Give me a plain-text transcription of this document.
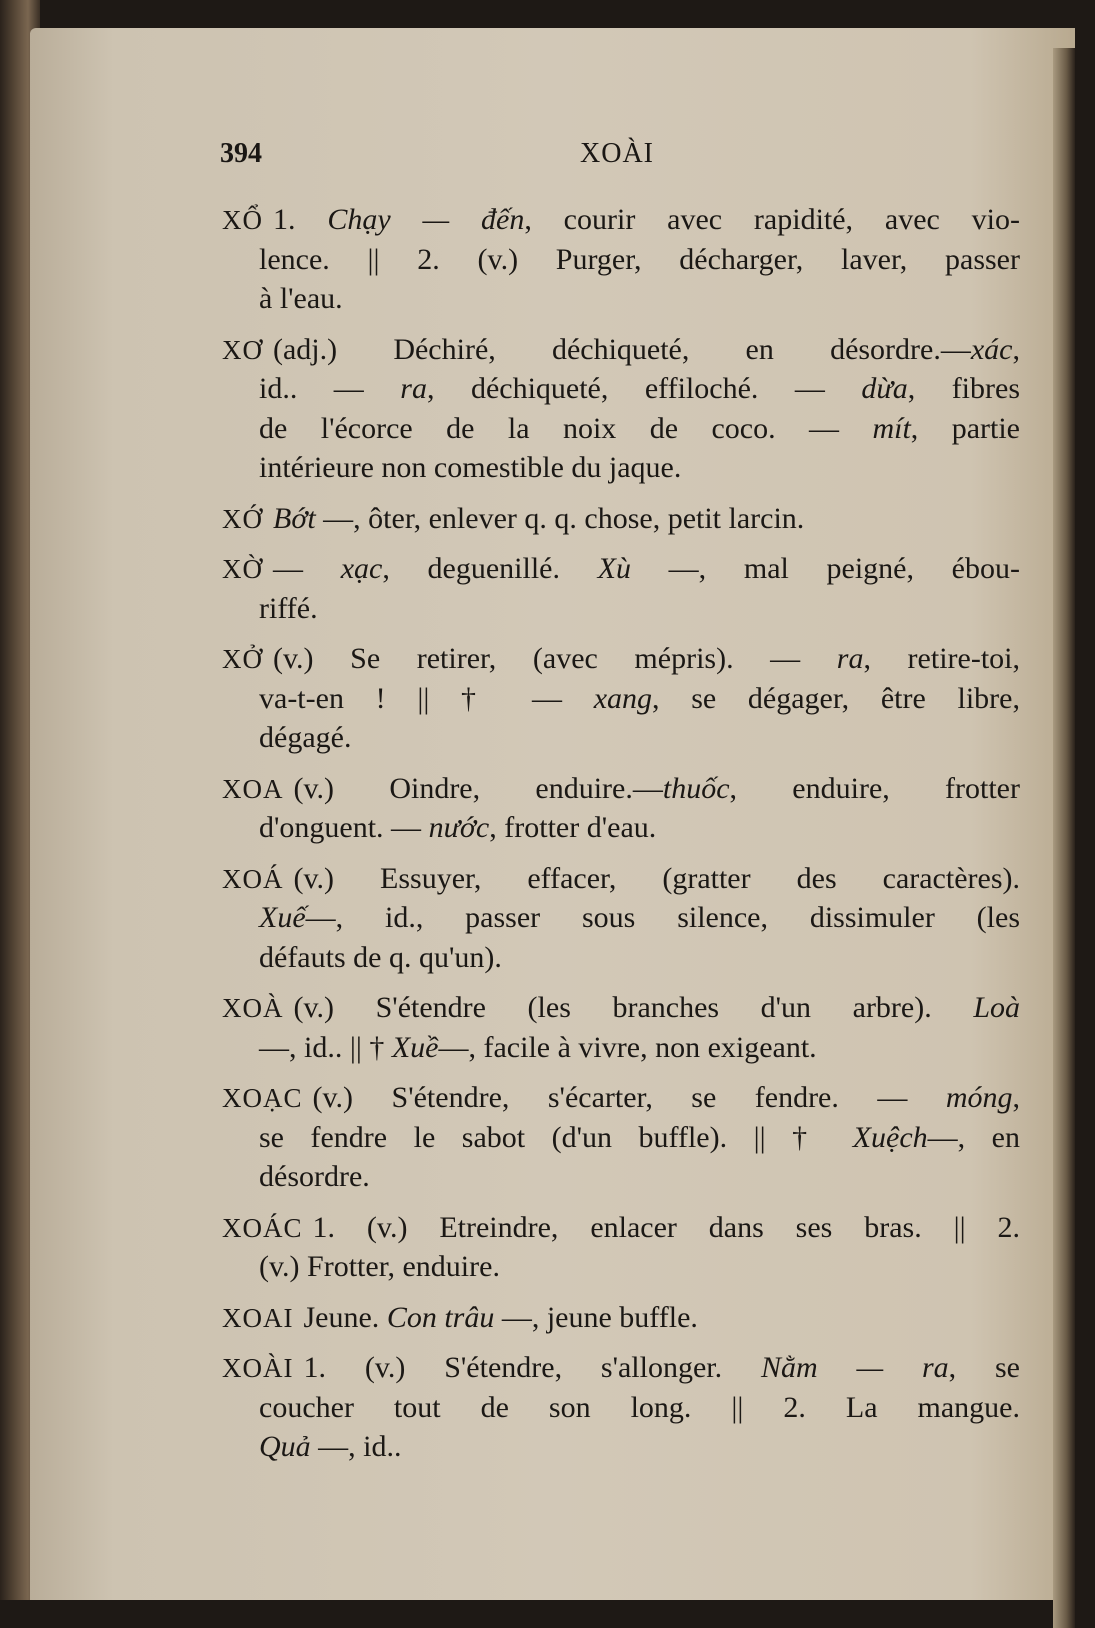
394	XOÀI
XỔ 1. Chạy — đến, courir avec rapidité, avec vio-
lence. || 2. (v.) Purger, décharger, laver, passer
à l'eau.
XƠ (adj.) Déchiré, déchiqueté, en désordre.—xác,
id.. — ra, déchiqueté, effiloché. — dừa, fibres
de l'écorce de la noix de coco. — mít, partie
intérieure non comestible du jaque.
XỚ Bớt —, ôter, enlever q. q. chose, petit larcin.
XỜ — xạc, deguenillé. Xù —, mal peigné, ébou-
riffé.
XỞ (v.) Se retirer, (avec mépris). — ra, retire-toi,
va-t-en ! || † — xang, se dégager, être libre,
dégagé.
XOA (v.) Oindre, enduire.—thuốc, enduire, frotter
d'onguent. — nước, frotter d'eau.
XOÁ (v.) Essuyer, effacer, (gratter des caractères).
Xuế—, id., passer sous silence, dissimuler (les
défauts de q. qu'un).
XOÀ (v.) S'étendre (les branches d'un arbre). Loà
—, id.. || † Xuề—, facile à vivre, non exigeant.
XOẠC (v.) S'étendre, s'écarter, se fendre. — móng,
se fendre le sabot (d'un buffle). || † Xuệch—, en
désordre.
XOÁC 1. (v.) Etreindre, enlacer dans ses bras. || 2.
(v.) Frotter, enduire.
XOAI Jeune. Con trâu —, jeune buffle.
XOÀI 1. (v.) S'étendre, s'allonger. Nằm — ra, se
coucher tout de son long. || 2. La mangue.
Quả —, id..
